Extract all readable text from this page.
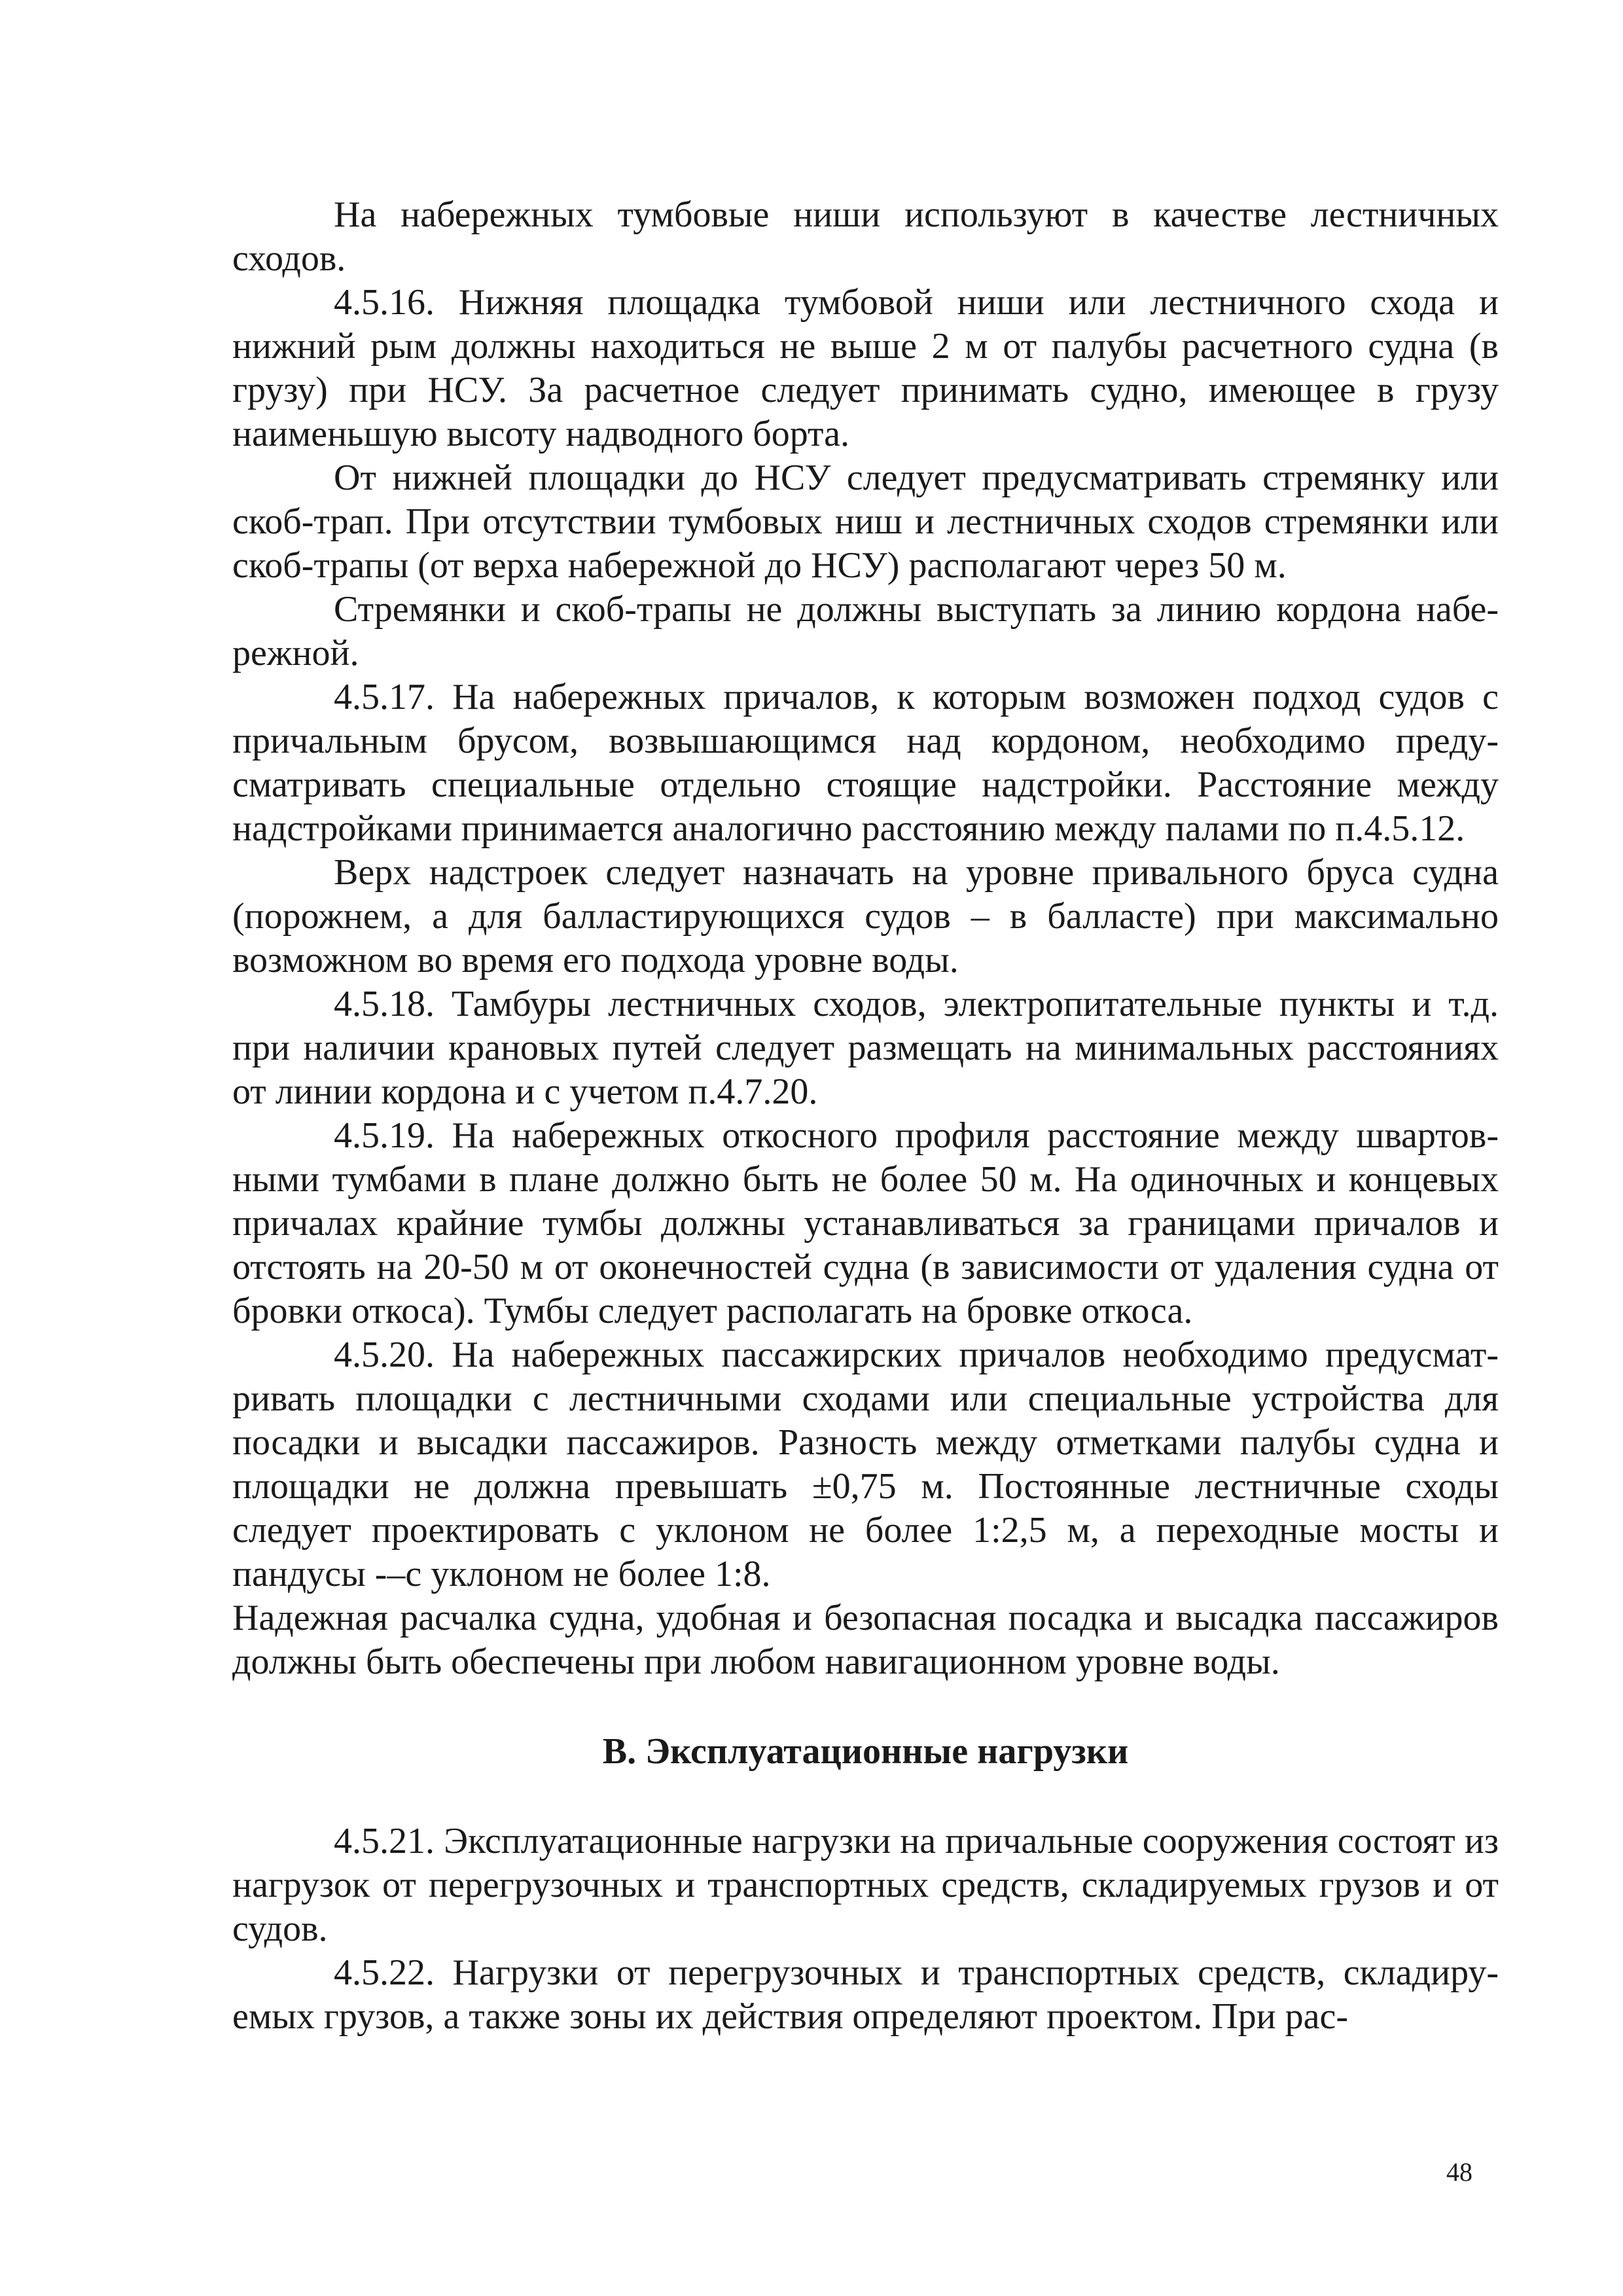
На набережных тумбовые ниши используют в качестве лестничных сходов.

4.5.16. Нижняя площадка тумбовой ниши или лестничного схода и нижний рым должны находиться не выше 2 м от палубы расчетного судна (в грузу) при НСУ. За расчетное следует принимать судно, имеющее в грузу наименьшую высоту надводного борта.

От нижней площадки до НСУ следует предусматривать стремянку или скоб-трап. При отсутствии тумбовых ниш и лестничных сходов стремянки или скоб-трапы (от верха набережной до НСУ) располагают через 50 м.

Стремянки и скоб-трапы не должны выступать за линию кордона набережной.

4.5.17. На набережных причалов, к которым возможен подход судов с причальным брусом, возвышающимся над кордоном, необходимо предусматривать специальные отдельно стоящие надстройки. Расстояние между надстройками принимается аналогично расстоянию между палами по п.4.5.12.

Верх надстроек следует назначать на уровне привального бруса судна (порожнем, а для балластирующихся судов – в балласте) при максимально возможном во время его подхода уровне воды.

4.5.18. Тамбуры лестничных сходов, электропитательные пункты и т.д. при наличии крановых путей следует размещать на минимальных расстояниях от линии кордона и с учетом п.4.7.20.

4.5.19. На набережных откосного профиля расстояние между швартовными тумбами в плане должно быть не более 50 м. На одиночных и концевых причалах крайние тумбы должны устанавливаться за границами причалов и отстоять на 20-50 м от оконечностей судна (в зависимости от удаления судна от бровки откоса). Тумбы следует располагать на бровке откоса.

4.5.20. На набережных пассажирских причалов необходимо предусматривать площадки с лестничными сходами или специальные устройства для посадки и высадки пассажиров. Разность между отметками палубы судна и площадки не должна превышать ±0,75 м. Постоянные лестничные сходы следует проектировать с уклоном не более 1:2,5 м, а переходные мосты и пандусы -–с уклоном не более 1:8.

Надежная расчалка судна, удобная и безопасная посадка и высадка пассажиров должны быть обеспечены при любом навигационном уровне воды.

В. Эксплуатационные нагрузки

4.5.21. Эксплуатационные нагрузки на причальные сооружения состоят из нагрузок от перегрузочных и транспортных средств, складируемых грузов и от судов.

4.5.22. Нагрузки от перегрузочных и транспортных средств, складируемых грузов, а также зоны их действия определяют проектом. При рас-

48
